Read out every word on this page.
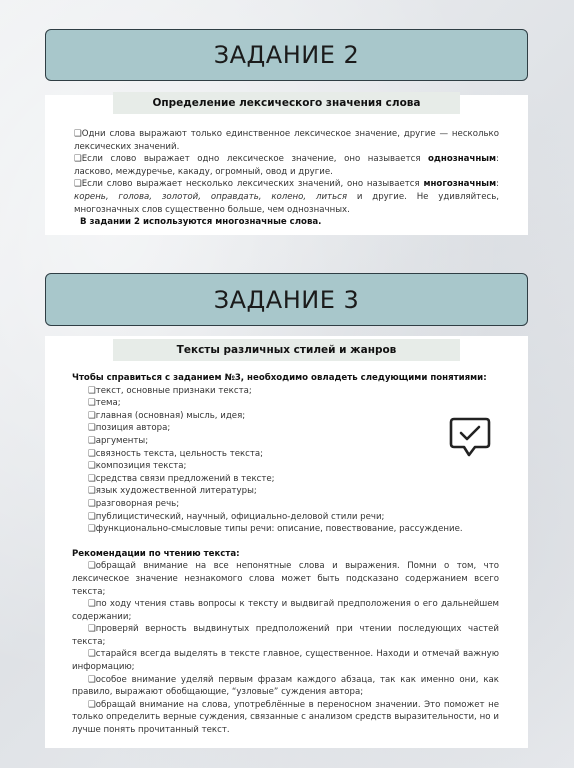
ЗАДАНИЕ 2
❑Одни слова выражают только единственное лексическое значение, другие — несколько лексических значений.
❑Если слово выражает одно лексическое значение, оно называется однозначным: ласково, междуречье, какаду, огромный, овод и другие.
❑Если слово выражает несколько лексических значений, оно называется многозначным: корень, голова, золотой, оправдать, колено, литься и другие. Не удивляйтесь, многозначных слов существенно больше, чем однозначных.
В задании 2 используются многозначные слова.
Определение лексического значения слова
ЗАДАНИЕ 3
Чтобы справиться с заданием №3, необходимо овладеть следующими понятиями:
❑текст, основные признаки текста;
❑тема;
❑главная (основная) мысль, идея;
❑позиция автора;
❑аргументы;
❑связность текста, цельность текста;
❑композиция текста;
❑средства связи предложений в тексте;
❑язык художественной литературы;
❑разговорная речь;
❑публицистический, научный, официально-деловой стили речи;
❑функционально-смысловые типы речи: описание, повествование, рассуждение.
Рекомендации по чтению текста:
❑обращай внимание на все непонятные слова и выражения. Помни о том, что лексическое значение незнакомого слова может быть подсказано содержанием всего текста;
❑по ходу чтения ставь вопросы к тексту и выдвигай предположения о его дальнейшем содержании;
❑проверяй верность выдвинутых предположений при чтении последующих частей текста;
❑старайся всегда выделять в тексте главное, существенное. Находи и отмечай важную информацию;
❑особое внимание уделяй первым фразам каждого абзаца, так как именно они, как правило, выражают обобщающие, “узловые” суждения автора;
❑обращай внимание на слова, употреблённые в переносном значении. Это поможет не только определить верные суждения, связанные с анализом средств выразительности, но и лучше понять прочитанный текст.
Тексты различных стилей и жанров
